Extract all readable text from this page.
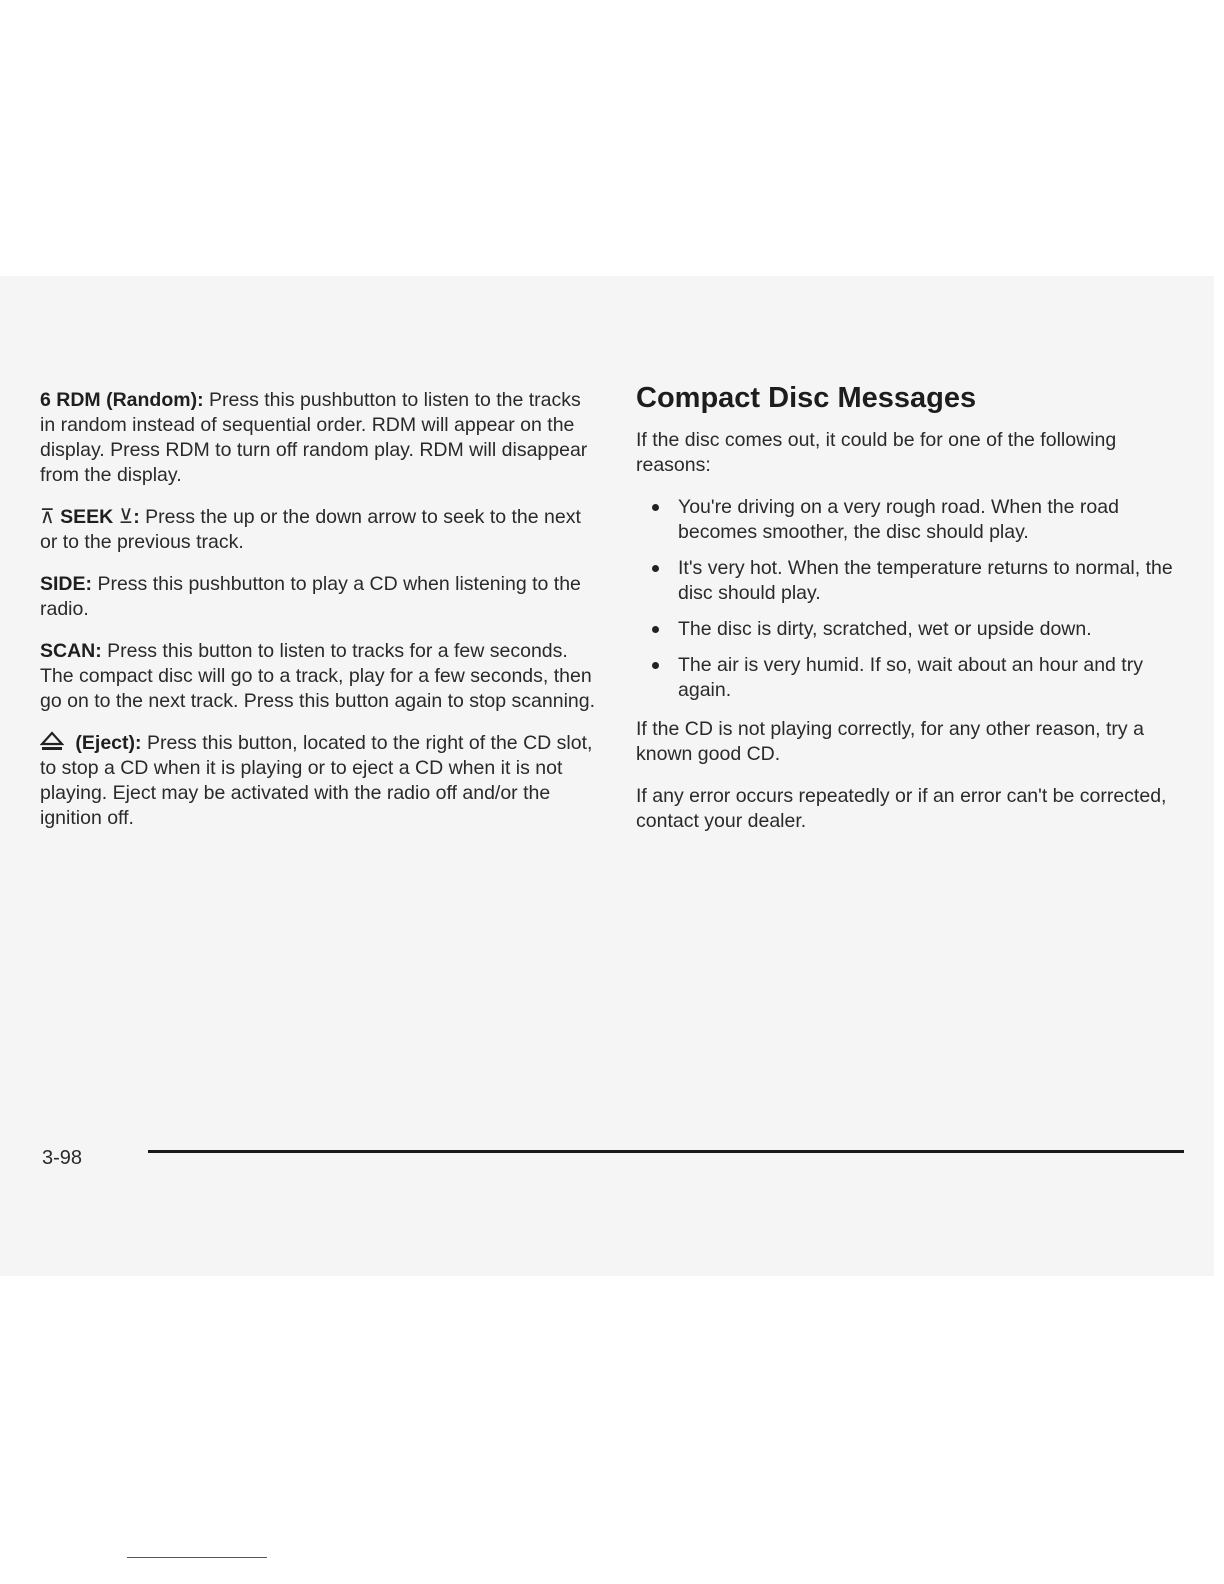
6 RDM (Random): Press this pushbutton to listen to the tracks in random instead of sequential order. RDM will appear on the display. Press RDM to turn off random play. RDM will disappear from the display.

⊼ SEEK ⊻: Press the up or the down arrow to seek to the next or to the previous track.

SIDE: Press this pushbutton to play a CD when listening to the radio.

SCAN: Press this button to listen to tracks for a few seconds. The compact disc will go to a track, play for a few seconds, then go on to the next track. Press this button again to stop scanning.

(Eject): Press this button, located to the right of the CD slot, to stop a CD when it is playing or to eject a CD when it is not playing. Eject may be activated with the radio off and/or the ignition off.

Compact Disc Messages

If the disc comes out, it could be for one of the following reasons:

You're driving on a very rough road. When the road becomes smoother, the disc should play.
It's very hot. When the temperature returns to normal, the disc should play.
The disc is dirty, scratched, wet or upside down.
The air is very humid. If so, wait about an hour and try again.

If the CD is not playing correctly, for any other reason, try a known good CD.

If any error occurs repeatedly or if an error can't be corrected, contact your dealer.

3-98
